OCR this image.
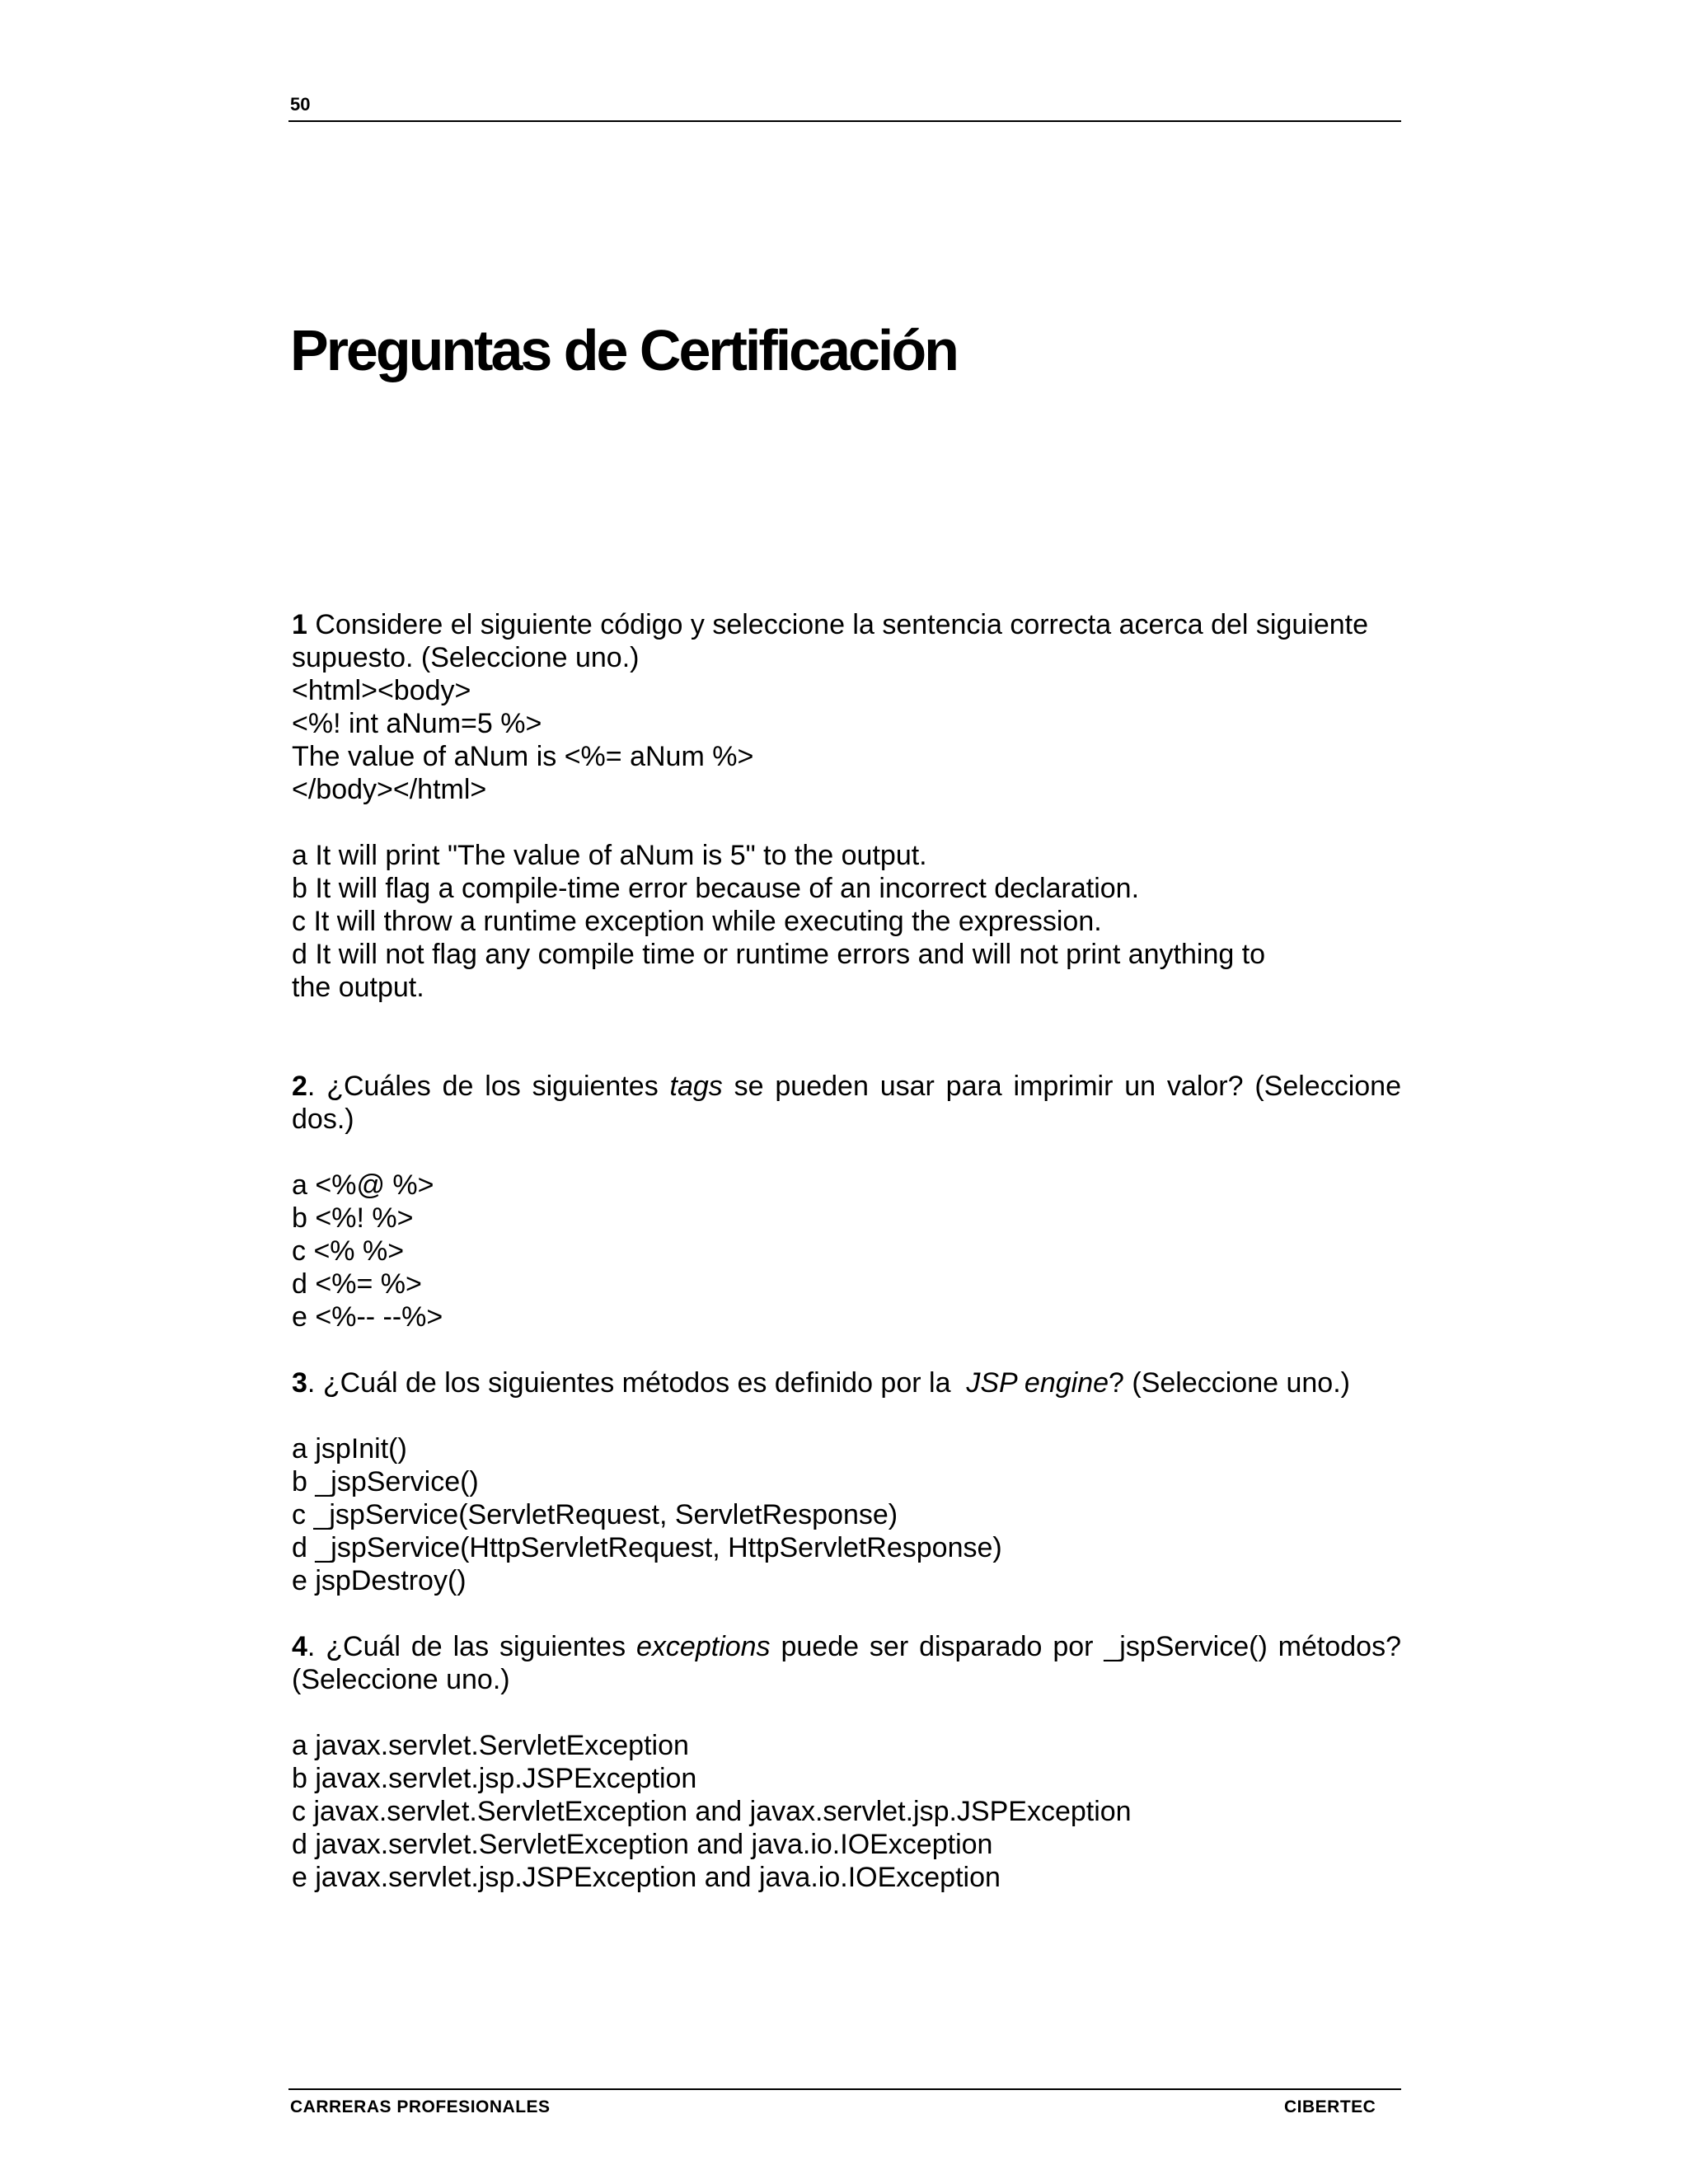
50
Preguntas de Certificación

1 Considere el siguiente código y seleccione la sentencia correcta acerca del siguiente

supuesto. (Seleccione uno.)

<html><body>

<%! int aNum=5 %>

The value of aNum is <%= aNum %>

</body></html>

a It will print "The value of aNum is 5" to the output.

b It will flag a compile-time error because of an incorrect declaration.

c It will throw a runtime exception while executing the expression.

d It will not flag any compile time or runtime errors and will not print anything to

the output.

2. ¿Cuáles de los siguientes tags se pueden usar para imprimir un valor? (Seleccione

dos.)

a <%@ %>

b <%! %>

c <% %>

d <%= %>

e <%-- --%>

3. ¿Cuál de los siguientes métodos es definido por la  JSP engine? (Seleccione uno.)

a jspInit()

b _jspService()

c _jspService(ServletRequest, ServletResponse)

d _jspService(HttpServletRequest, HttpServletResponse)

e jspDestroy()

4. ¿Cuál de las siguientes exceptions puede ser disparado por _jspService() métodos?

(Seleccione uno.)

a javax.servlet.ServletException

b javax.servlet.jsp.JSPException

c javax.servlet.ServletException and javax.servlet.jsp.JSPException

d javax.servlet.ServletException and java.io.IOException

e javax.servlet.jsp.JSPException and java.io.IOException

CARRERAS PROFESIONALES	CIBERTEC
